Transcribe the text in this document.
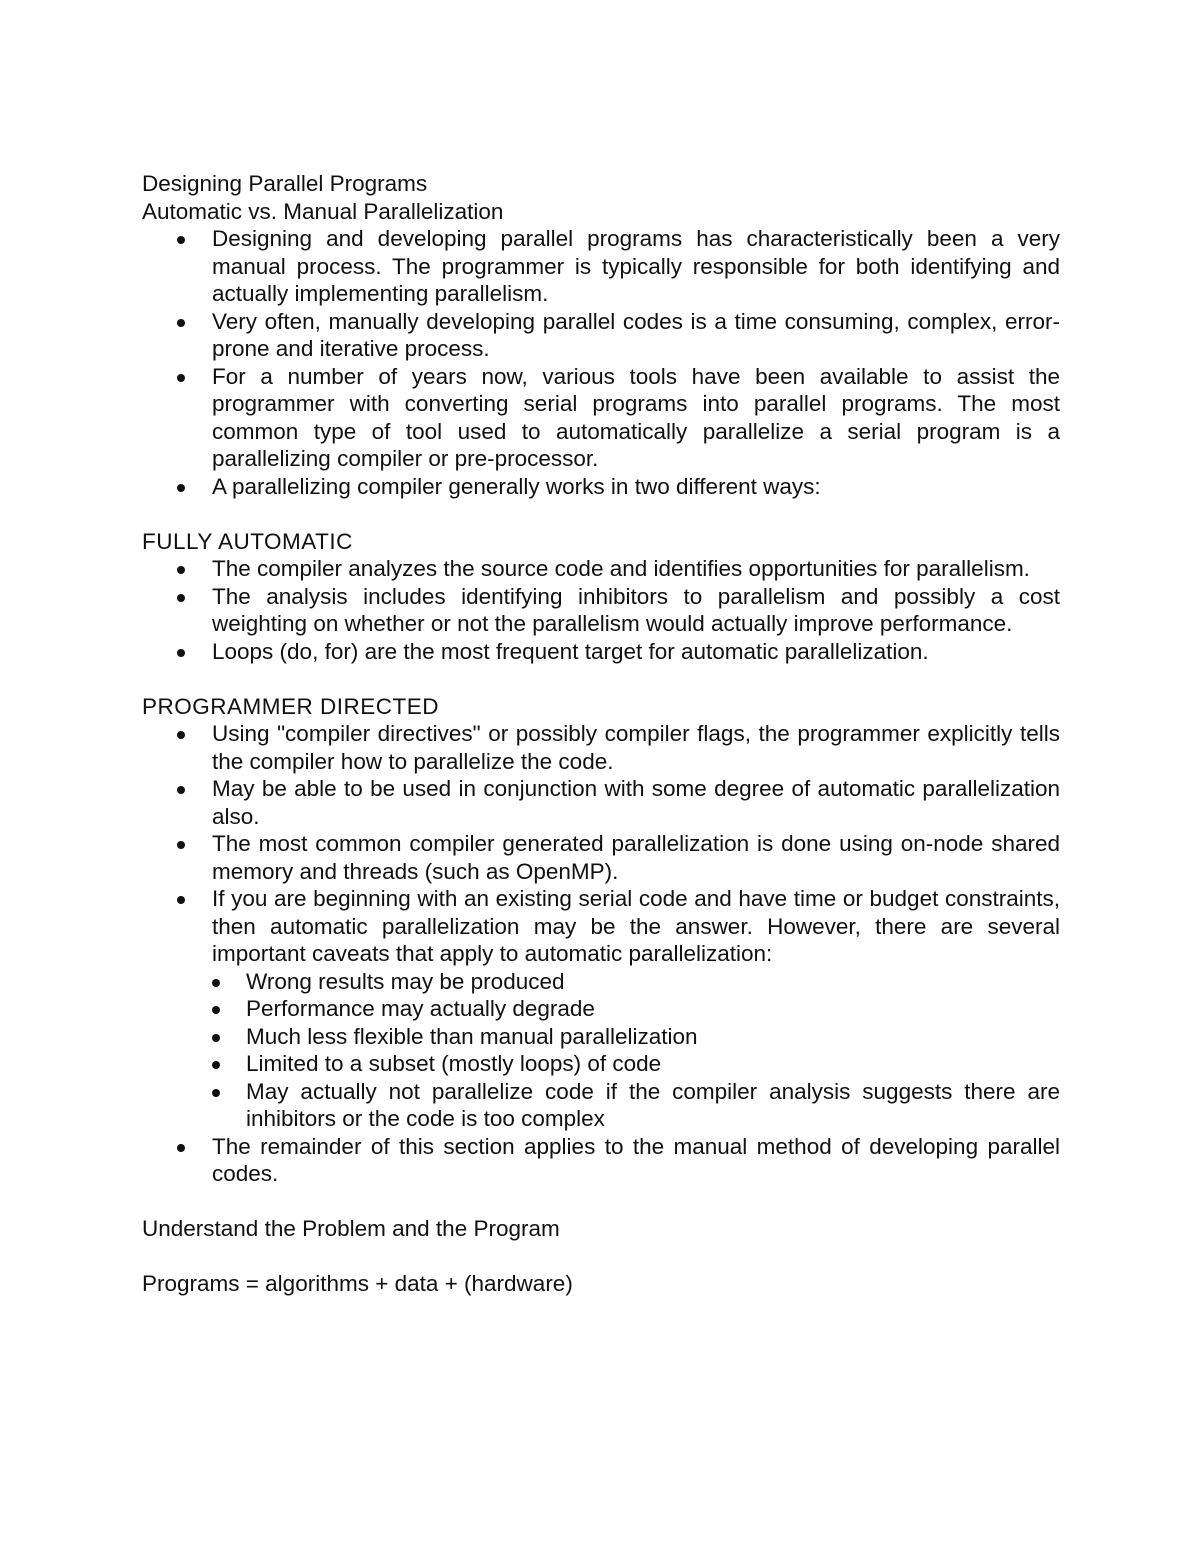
Designing Parallel Programs

Automatic vs. Manual Parallelization

Designing and developing parallel programs has characteristically been a very manual process. The programmer is typically responsible for both identifying and actually implementing parallelism.
Very often, manually developing parallel codes is a time consuming, complex, error-prone and iterative process.
For a number of years now, various tools have been available to assist the programmer with converting serial programs into parallel programs. The most common type of tool used to automatically parallelize a serial program is a parallelizing compiler or pre-processor.
A parallelizing compiler generally works in two different ways:

FULLY AUTOMATIC

The compiler analyzes the source code and identifies opportunities for parallelism.
The analysis includes identifying inhibitors to parallelism and possibly a cost weighting on whether or not the parallelism would actually improve performance.
Loops (do, for) are the most frequent target for automatic parallelization.

PROGRAMMER DIRECTED

Using "compiler directives" or possibly compiler flags, the programmer explicitly tells the compiler how to parallelize the code.
May be able to be used in conjunction with some degree of automatic parallelization also.
The most common compiler generated parallelization is done using on-node shared memory and threads (such as OpenMP).
If you are beginning with an existing serial code and have time or budget constraints, then automatic parallelization may be the answer. However, there are several important caveats that apply to automatic parallelization:
Wrong results may be produced
Performance may actually degrade
Much less flexible than manual parallelization
Limited to a subset (mostly loops) of code
May actually not parallelize code if the compiler analysis suggests there are inhibitors or the code is too complex
The remainder of this section applies to the manual method of developing parallel codes.

Understand the Problem and the Program

Programs = algorithms + data + (hardware)
